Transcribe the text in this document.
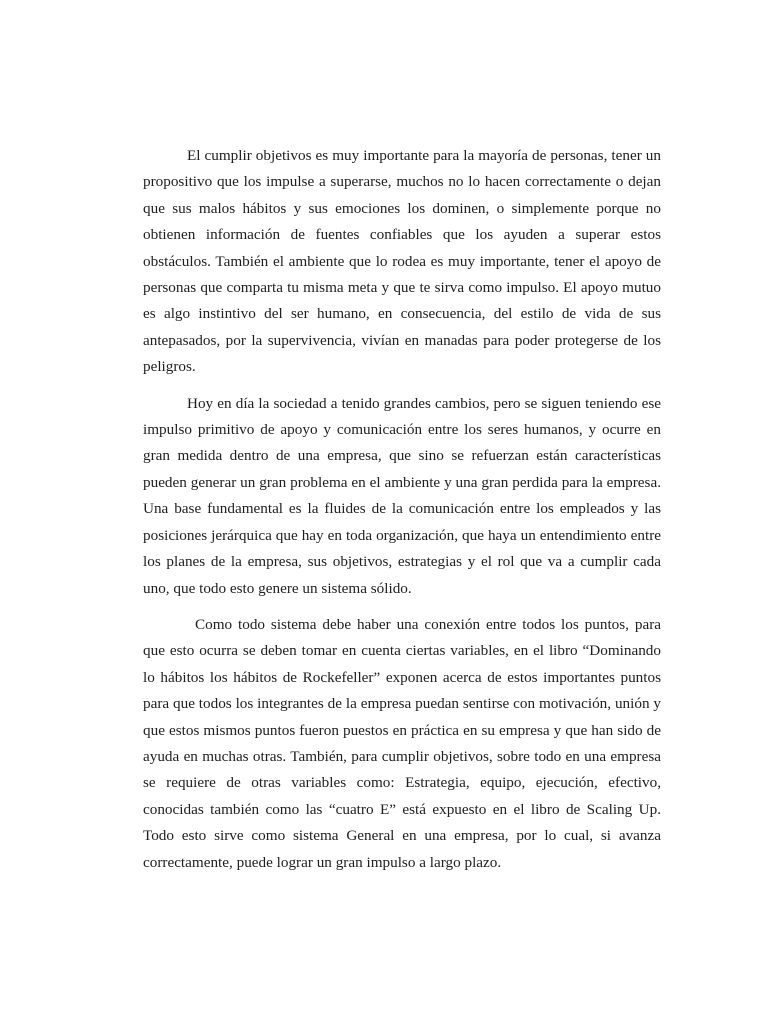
El cumplir objetivos es muy importante para la mayoría de personas, tener un propositivo que los impulse a superarse, muchos no lo hacen correctamente o dejan que sus malos hábitos y sus emociones los dominen, o simplemente porque no obtienen información de fuentes confiables que los ayuden a superar estos obstáculos. También el ambiente que lo rodea es muy importante, tener el apoyo de personas que comparta tu misma meta y que te sirva como impulso. El apoyo mutuo es algo instintivo del ser humano, en consecuencia, del estilo de vida de sus antepasados, por la supervivencia, vivían en manadas para poder protegerse de los peligros.

Hoy en día la sociedad a tenido grandes cambios, pero se siguen teniendo ese impulso primitivo de apoyo y comunicación entre los seres humanos, y ocurre en gran medida dentro de una empresa, que sino se refuerzan están características pueden generar un gran problema en el ambiente y una gran perdida para la empresa. Una base fundamental es la fluides de la comunicación entre los empleados y las posiciones jerárquica que hay en toda organización, que haya un entendimiento entre los planes de la empresa, sus objetivos, estrategias y el rol que va a cumplir cada uno, que todo esto genere un sistema sólido.

Como todo sistema debe haber una conexión entre todos los puntos, para que esto ocurra se deben tomar en cuenta ciertas variables, en el libro “Dominando lo hábitos los hábitos de Rockefeller” exponen acerca de estos importantes puntos para que todos los integrantes de la empresa puedan sentirse con motivación, unión y que estos mismos puntos fueron puestos en práctica en su empresa y que han sido de ayuda en muchas otras. También, para cumplir objetivos, sobre todo en una empresa se requiere de otras variables como: Estrategia, equipo, ejecución, efectivo, conocidas también como las “cuatro E” está expuesto en el libro de Scaling Up. Todo esto sirve como sistema General en una empresa, por lo cual, si avanza correctamente, puede lograr un gran impulso a largo plazo.
